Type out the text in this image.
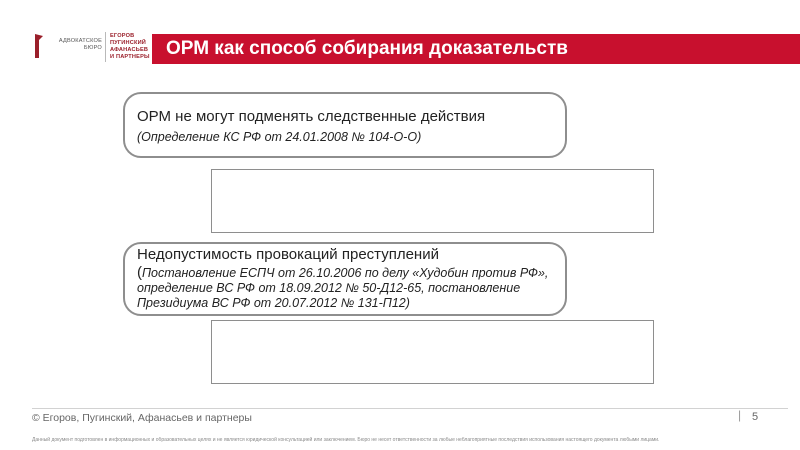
АДВОКАТСКОЕ
БЮРО
ЕГОРОВ
ПУГИНСКИЙ
АФАНАСЬЕВ
И ПАРТНЕРЫ ОРМ как способ собирания доказательств
ОРМ не могут подменять следственные действия
(Определение КС РФ от 24.01.2008 № 104-О-О)
Недопустимость провокаций преступлений
(Постановление ЕСПЧ от 26.10.2006 по делу «Худобин против РФ», определение ВС РФ от 18.09.2012 № 50-Д12-65, постановление Президиума ВС РФ от 20.07.2012 № 131-П12)
© Егоров, Пугинский, Афанасьев и партнеры	| 5
Данный документ подготовлен в информационных и образовательных целях и не является юридической консультацией или заключением. Бюро не несет ответственности за любые неблагоприятные последствия использования настоящего документа любыми лицами.
